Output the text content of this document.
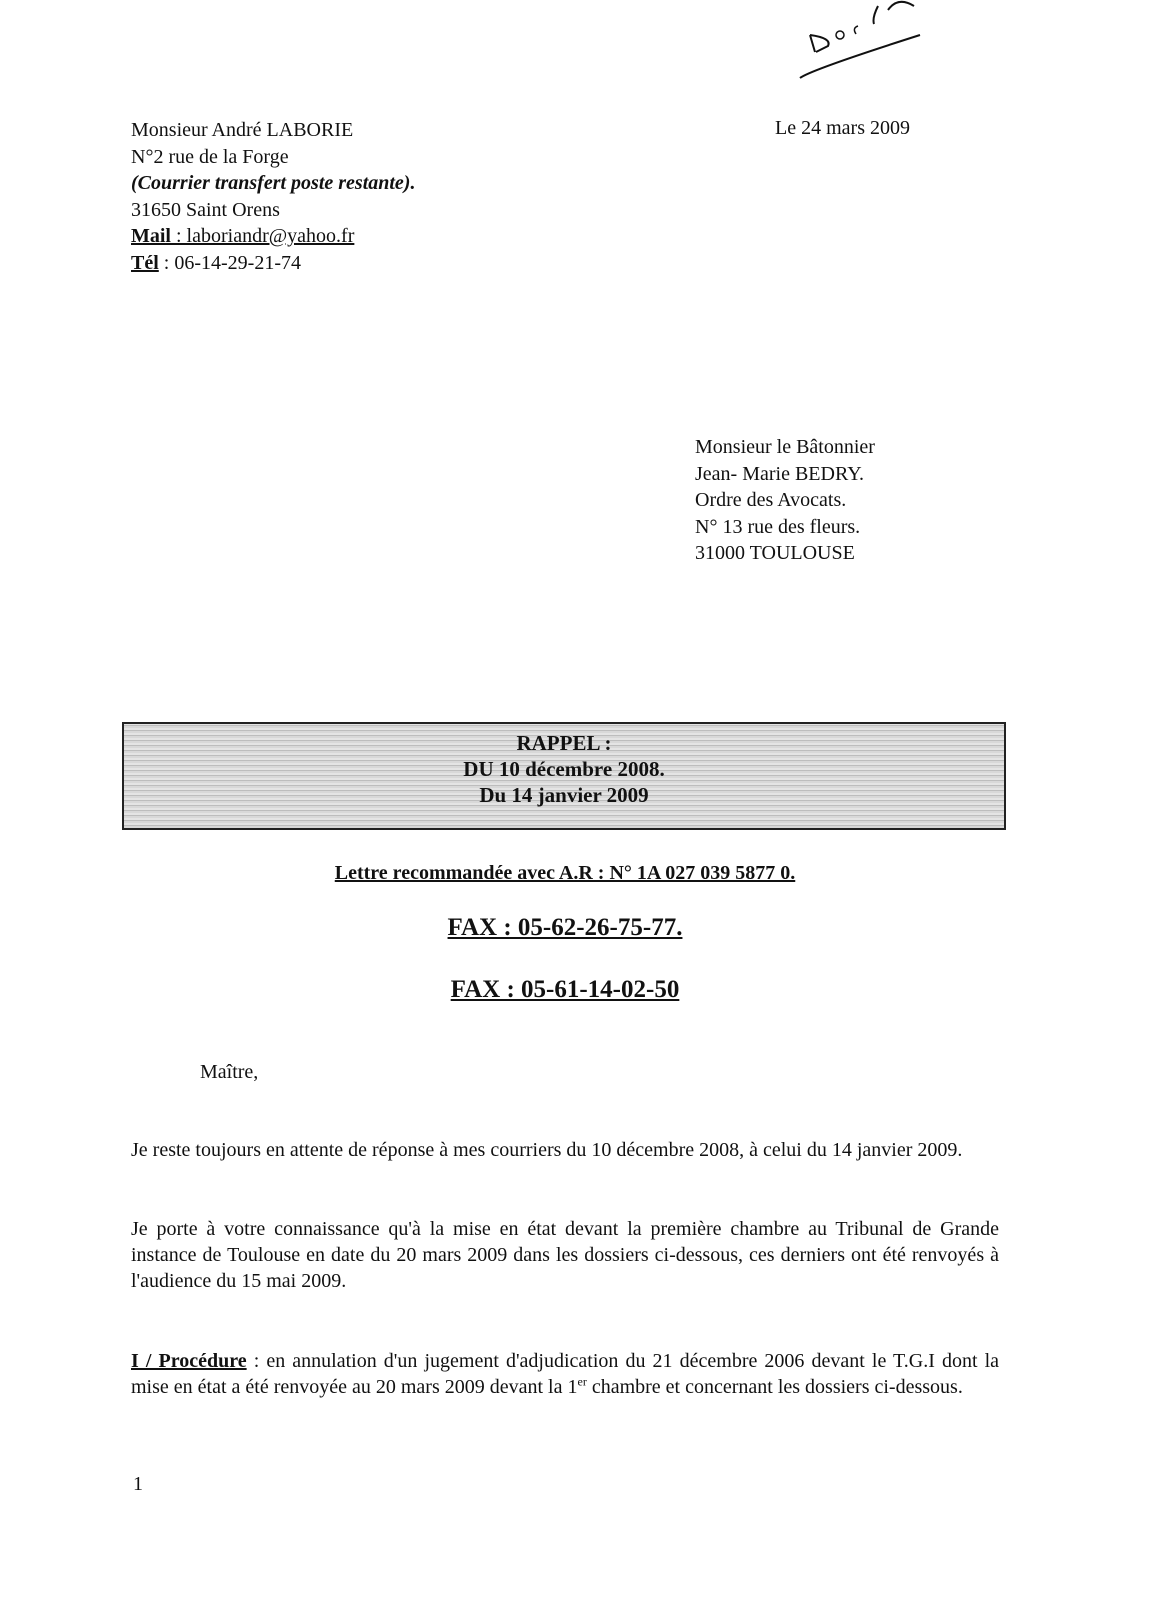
Monsieur André LABORIE
N°2 rue de la Forge
(Courrier transfert poste restante).
31650 Saint Orens
Mail : laboriandr@yahoo.fr
Tél : 06-14-29-21-74
Le 24 mars 2009
Monsieur le Bâtonnier
Jean- Marie BEDRY.
Ordre des Avocats.
N° 13 rue des fleurs.
31000 TOULOUSE
RAPPEL :
DU 10 décembre 2008.
Du 14 janvier 2009
Lettre recommandée avec A.R : N° 1A 027 039 5877 0.
FAX : 05-62-26-75-77.
FAX : 05-61-14-02-50
Maître,
Je reste toujours en attente de réponse à mes courriers du 10 décembre 2008, à celui du 14 janvier 2009.
Je porte à votre connaissance qu'à la mise en état devant la première chambre au Tribunal de Grande instance de Toulouse en date du 20 mars 2009 dans les dossiers ci-dessous, ces derniers ont été renvoyés à l'audience du 15 mai 2009.
I / Procédure : en annulation d'un jugement d'adjudication du 21 décembre 2006 devant le T.G.I dont la mise en état a été renvoyée au 20 mars 2009 devant la 1er chambre et concernant les dossiers ci-dessous.
1
